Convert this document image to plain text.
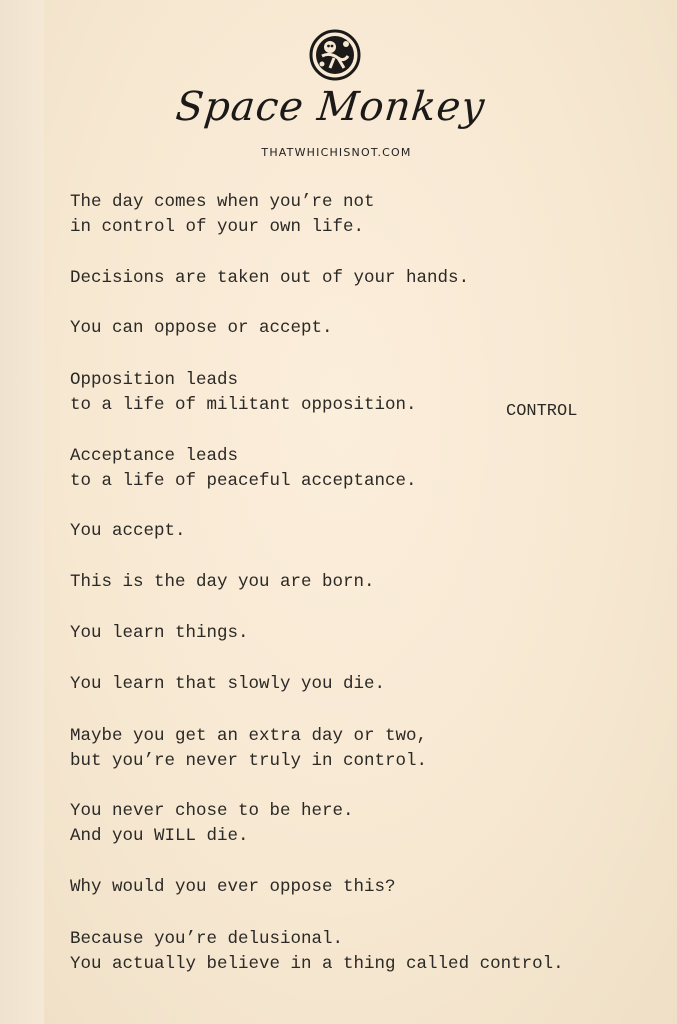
Space Monkey
THATWHICHISNOT.COM
The day comes when you’re not
in control of your own life.
Decisions are taken out of your hands.
You can oppose or accept.
Opposition leads
to a life of militant opposition.
Acceptance leads
to a life of peaceful acceptance.
You accept.
This is the day you are born.
You learn things.
You learn that slowly you die.
Maybe you get an extra day or two,
but you’re never truly in control.
You never chose to be here.
And you WILL die.
Why would you ever oppose this?
Because you’re delusional.
You actually believe in a thing called control.
CONTROL
